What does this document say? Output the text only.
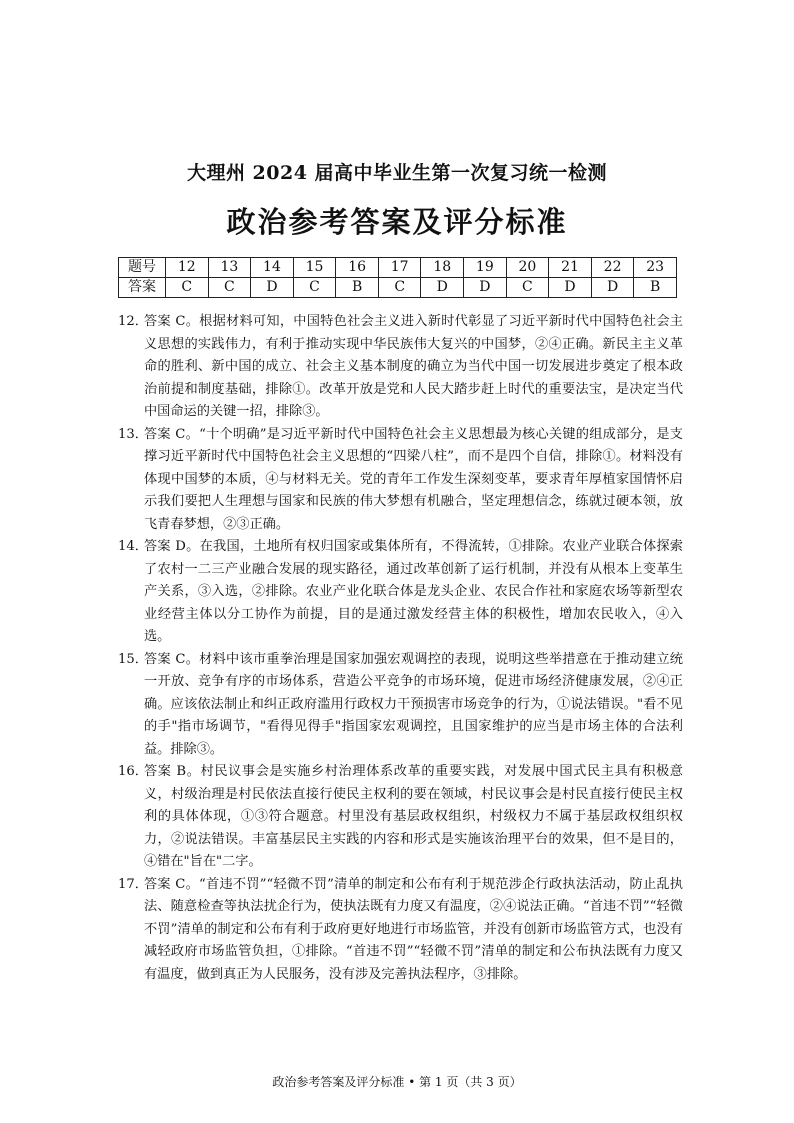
大理州 2024 届高中毕业生第一次复习统一检测
政治参考答案及评分标准
题号	12	13	14	15	16	17	18	19	20	21	22	23
答案	C	C	D	C	B	C	D	D	C	D	D	B

12．
答案 C。根据材料可知，中国特色社会主义进入新时代彰显了习近平新时代中国特色社会主义思想的实践伟力，有利于推动实现中华民族伟大复兴的中国梦，②④正确。新民主主义革命的胜利、新中国的成立、社会主义基本制度的确立为当代中国一切发展进步奠定了根本政治前提和制度基础，排除①。改革开放是党和人民大踏步赶上时代的重要法宝，是决定当代中国命运的关键一招，排除③。

13．
答案 C。“十个明确”是习近平新时代中国特色社会主义思想最为核心关键的组成部分，是支撑习近平新时代中国特色社会主义思想的“四梁八柱”，而不是四个自信，排除①。材料没有体现中国梦的本质，④与材料无关。党的青年工作发生深刻变革，要求青年厚植家国情怀启示我们要把人生理想与国家和民族的伟大梦想有机融合，坚定理想信念，练就过硬本领，放飞青春梦想，②③正确。

14．
答案 D。在我国，土地所有权归国家或集体所有，不得流转，①排除。农业产业联合体探索了农村一二三产业融合发展的现实路径，通过改革创新了运行机制，并没有从根本上变革生产关系，③入选，②排除。农业产业化联合体是龙头企业、农民合作社和家庭农场等新型农业经营主体以分工协作为前提，目的是通过激发经营主体的积极性，增加农民收入，④入选。

15．
答案 C。材料中该市重拳治理是国家加强宏观调控的表现，说明这些举措意在于推动建立统一开放、竞争有序的市场体系，营造公平竞争的市场环境，促进市场经济健康发展，②④正确。应该依法制止和纠正政府滥用行政权力干预损害市场竞争的行为，①说法错误。"看不见的手"指市场调节，"看得见得手"指国家宏观调控，且国家维护的应当是市场主体的合法利益。排除③。

16．
答案 B。村民议事会是实施乡村治理体系改革的重要实践，对发展中国式民主具有积极意义，村级治理是村民依法直接行使民主权利的要在领域，村民议事会是村民直接行使民主权利的具体体现，①③符合题意。村里没有基层政权组织，村级权力不属于基层政权组织权力，②说法错误。丰富基层民主实践的内容和形式是实施该治理平台的效果，但不是目的，④错在"旨在"二字。

17．
答案 C。“首违不罚”“轻微不罚”清单的制定和公布有利于规范涉企行政执法活动，防止乱执法、随意检查等执法扰企行为，使执法既有力度又有温度，②④说法正确。“首违不罚”“轻微不罚”清单的制定和公布有利于政府更好地进行市场监管，并没有创新市场监管方式，也没有减轻政府市场监管负担，①排除。“首违不罚”“轻微不罚”清单的制定和公布执法既有力度又有温度，做到真正为人民服务，没有涉及完善执法程序，③排除。

政治参考答案及评分标准 • 第 1 页（共 3 页）
